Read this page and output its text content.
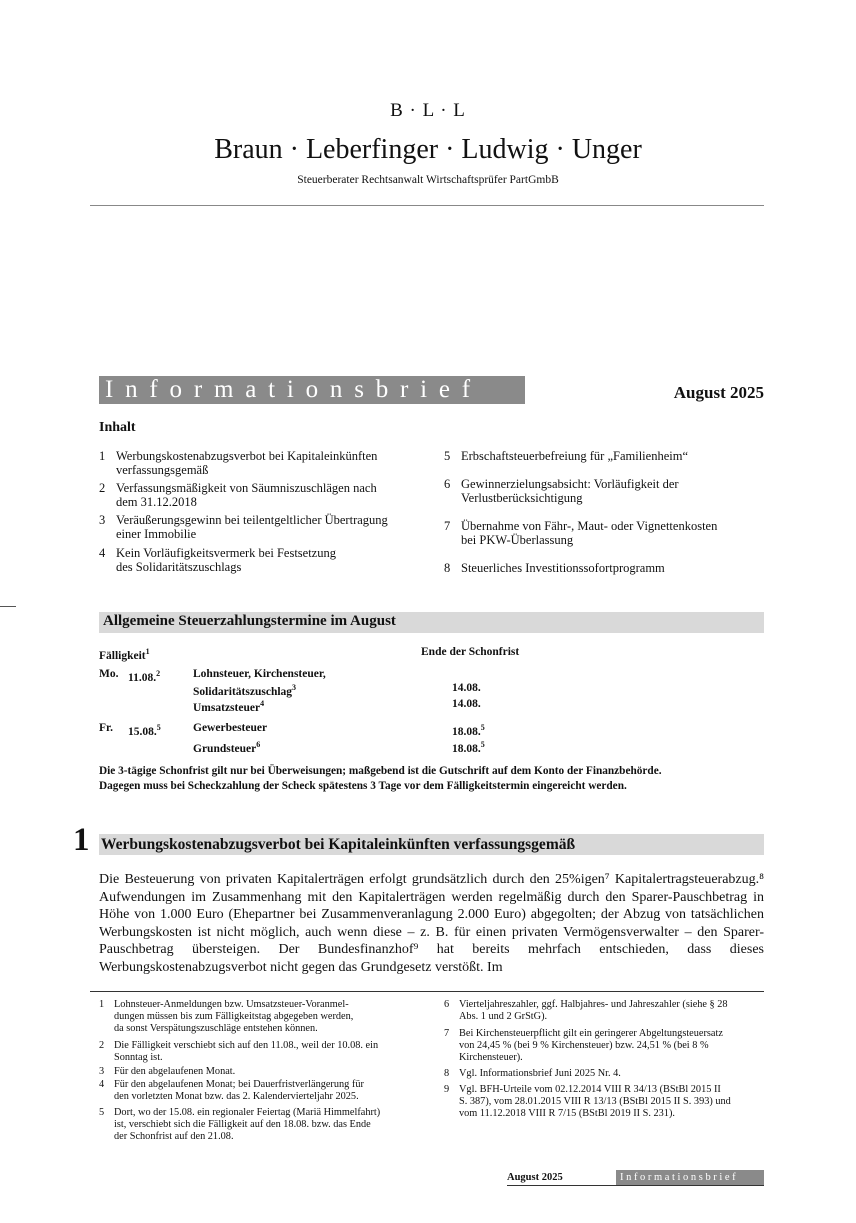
B · L · L
Braun · Leberfinger · Ludwig · Unger
Steuerberater Rechtsanwalt Wirtschaftsprüfer PartGmbB
Informationsbrief	August 2025
Inhalt
1 Werbungskostenabzugsverbot bei Kapitaleinkünften
verfassungsgemäß
2 Verfassungsmäßigkeit von Säumniszuschlägen nach
dem 31.12.2018
3 Veräußerungsgewinn bei teilentgeltlicher Übertragung
einer Immobilie
4 Kein Vorläufigkeitsvermerk bei Festsetzung
des Solidaritätszuschlags
5 Erbschaftsteuerbefreiung für „Familienheim“
6 Gewinnerzielungsabsicht: Vorläufigkeit der
Verlustberücksichtigung
7 Übernahme von Fähr-, Maut- oder Vignettenkosten
bei PKW-Überlassung
8 Steuerliches Investitionssofortprogramm
Allgemeine Steuerzahlungstermine im August
Fälligkeit$^1$	Ende der Schonfrist
Mo. 11.08.$^2$	Lohnsteuer, Kirchensteuer,
Solidaritätszuschlag$^3$	14.08.
Umsatzsteuer$^4$	14.08.
Fr. 15.08.$^5$	Gewerbesteuer	18.08.$^5$
Grundsteuer$^6$	18.08.$^5$
Die 3-tägige Schonfrist gilt nur bei Überweisungen; maßgebend ist die Gutschrift auf dem Konto der Finanzbehörde.
Dagegen muss bei Scheckzahlung der Scheck spätestens 3 Tage vor dem Fälligkeitstermin eingereicht werden.
1 Werbungskostenabzugsverbot bei Kapitaleinkünften verfassungsgemäß

Die Besteuerung von privaten Kapitalerträgen erfolgt grundsätzlich durch den 25%igen⁷ Kapitalertragsteuerabzug.⁸ Aufwendungen im Zusammenhang mit den Kapitalerträgen werden regelmäßig durch den Sparer-Pauschbetrag in Höhe von 1.000 Euro (Ehepartner bei Zusammenveranlagung 2.000 Euro) abgegolten; der Abzug von tatsächlichen Werbungskosten ist nicht möglich, auch wenn diese – z. B. für einen privaten Vermögensverwalter – den Sparer-Pauschbetrag übersteigen. Der Bundesfinanzhof⁹ hat bereits mehrfach entschieden, dass dieses Werbungskostenabzugsverbot nicht gegen das Grundgesetz verstößt. Im

1 Lohnsteuer-Anmeldungen bzw. Umsatzsteuer-Voranmel-
dungen müssen bis zum Fälligkeitstag abgegeben werden,
da sonst Verspätungszuschläge entstehen können.
2 Die Fälligkeit verschiebt sich auf den 11.08., weil der 10.08. ein
Sonntag ist.
3 Für den abgelaufenen Monat.
4 Für den abgelaufenen Monat; bei Dauerfristverlängerung für
den vorletzten Monat bzw. das 2. Kalendervierteljahr 2025.
5 Dort, wo der 15.08. ein regionaler Feiertag (Mariä Himmelfahrt)
ist, verschiebt sich die Fälligkeit auf den 18.08. bzw. das Ende
der Schonfrist auf den 21.08.
6 Vierteljahreszahler, ggf. Halbjahres- und Jahreszahler (siehe § 28
Abs. 1 und 2 GrStG).
7 Bei Kirchensteuerpflicht gilt ein geringerer Abgeltungsteuersatz
von 24,45 % (bei 9 % Kirchensteuer) bzw. 24,51 % (bei 8 %
Kirchensteuer).
8 Vgl. Informationsbrief Juni 2025 Nr. 4.
9 Vgl. BFH-Urteile vom 02.12.2014 VIII R 34/13 (BStBl 2015 II
S. 387), vom 28.01.2015 VIII R 13/13 (BStBl 2015 II S. 393) und
vom 11.12.2018 VIII R 7/15 (BStBl 2019 II S. 231).
August 2025	Informationsbrief
